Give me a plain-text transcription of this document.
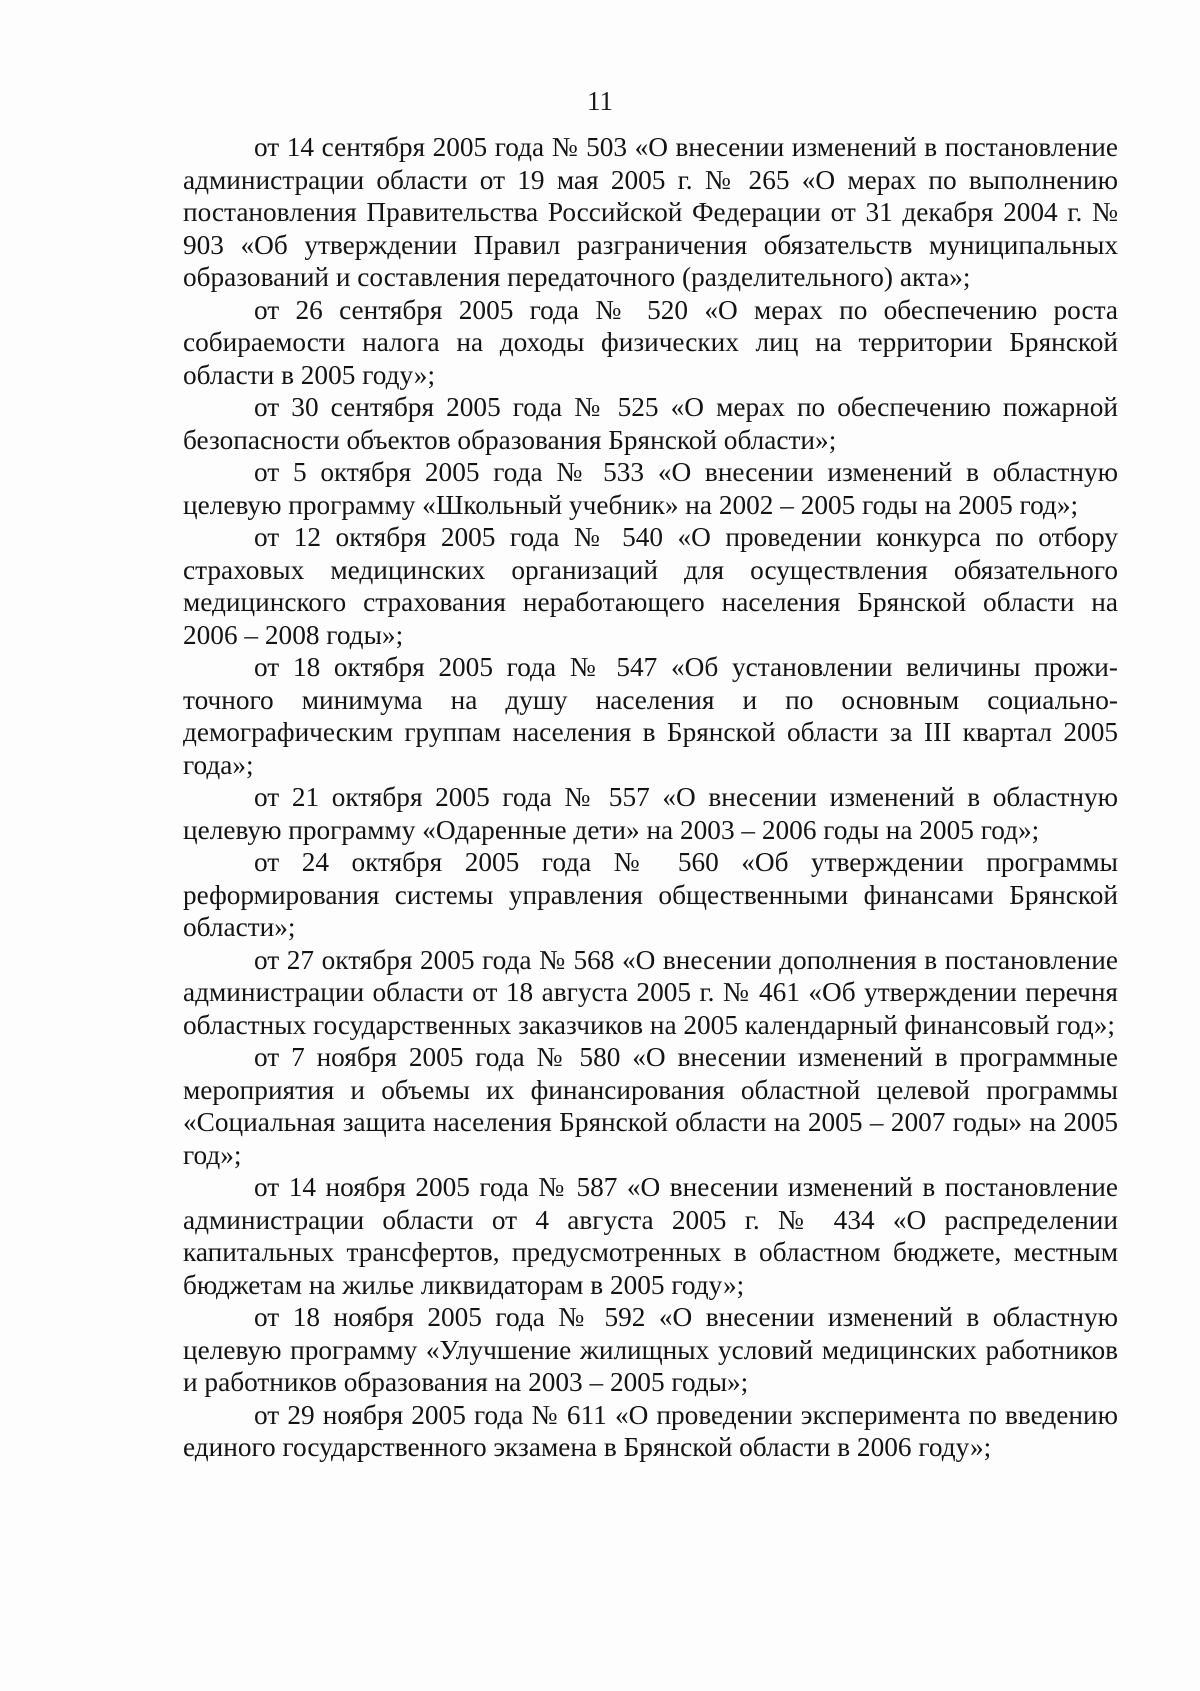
11

от 14 сентября 2005 года № 503 «О внесении изменений в постановление администрации области от 19 мая 2005 г. № 265 «О мерах по выполнению постановления Правительства Российской Федерации от 31 декабря 2004 г. № 903 «Об утверждении Правил разграничения обязательств муниципальных образований и составления передаточного (разделительного) акта»;

от 26 сентября 2005 года № 520 «О мерах по обеспечению роста собираемости налога на доходы физических лиц на территории Брянской области в 2005 году»;

от 30 сентября 2005 года № 525 «О мерах по обеспечению пожарной безопасности объектов образования Брянской области»;

от 5 октября 2005 года № 533 «О внесении изменений в областную целевую программу «Школьный учебник» на 2002 – 2005 годы на 2005 год»;

от 12 октября 2005 года № 540 «О проведении конкурса по отбору страховых медицинских организаций для осуществления обязательного медицинского страхования неработающего населения Брянской области на 2006 – 2008 годы»;

от 18 октября 2005 года № 547 «Об установлении величины прожиточного минимума на душу населения и по основным социально-демографическим группам населения в Брянской области за III квартал 2005 года»;

от 21 октября 2005 года № 557 «О внесении изменений в областную целевую программу «Одаренные дети» на 2003 – 2006 годы на 2005 год»;

от 24 октября 2005 года № 560 «Об утверждении программы реформирования системы управления общественными финансами Брянской области»;

от 27 октября 2005 года № 568 «О внесении дополнения в постановление администрации области от 18 августа 2005 г. № 461 «Об утверждении перечня областных государственных заказчиков на 2005 календарный финансовый год»;

от 7 ноября 2005 года № 580 «О внесении изменений в программные мероприятия и объемы их финансирования областной целевой программы «Социальная защита населения Брянской области на 2005 – 2007 годы» на 2005 год»;

от 14 ноября 2005 года № 587 «О внесении изменений в постановление администрации области от 4 августа 2005 г. № 434 «О распределении капитальных трансфертов, предусмотренных в областном бюджете, местным бюджетам на жилье ликвидаторам в 2005 году»;

от 18 ноября 2005 года № 592 «О внесении изменений в областную целевую программу «Улучшение жилищных условий медицинских работников и работников образования на 2003 – 2005 годы»;

от 29 ноября 2005 года № 611 «О проведении эксперимента по введению единого государственного экзамена в Брянской области в 2006 году»;
